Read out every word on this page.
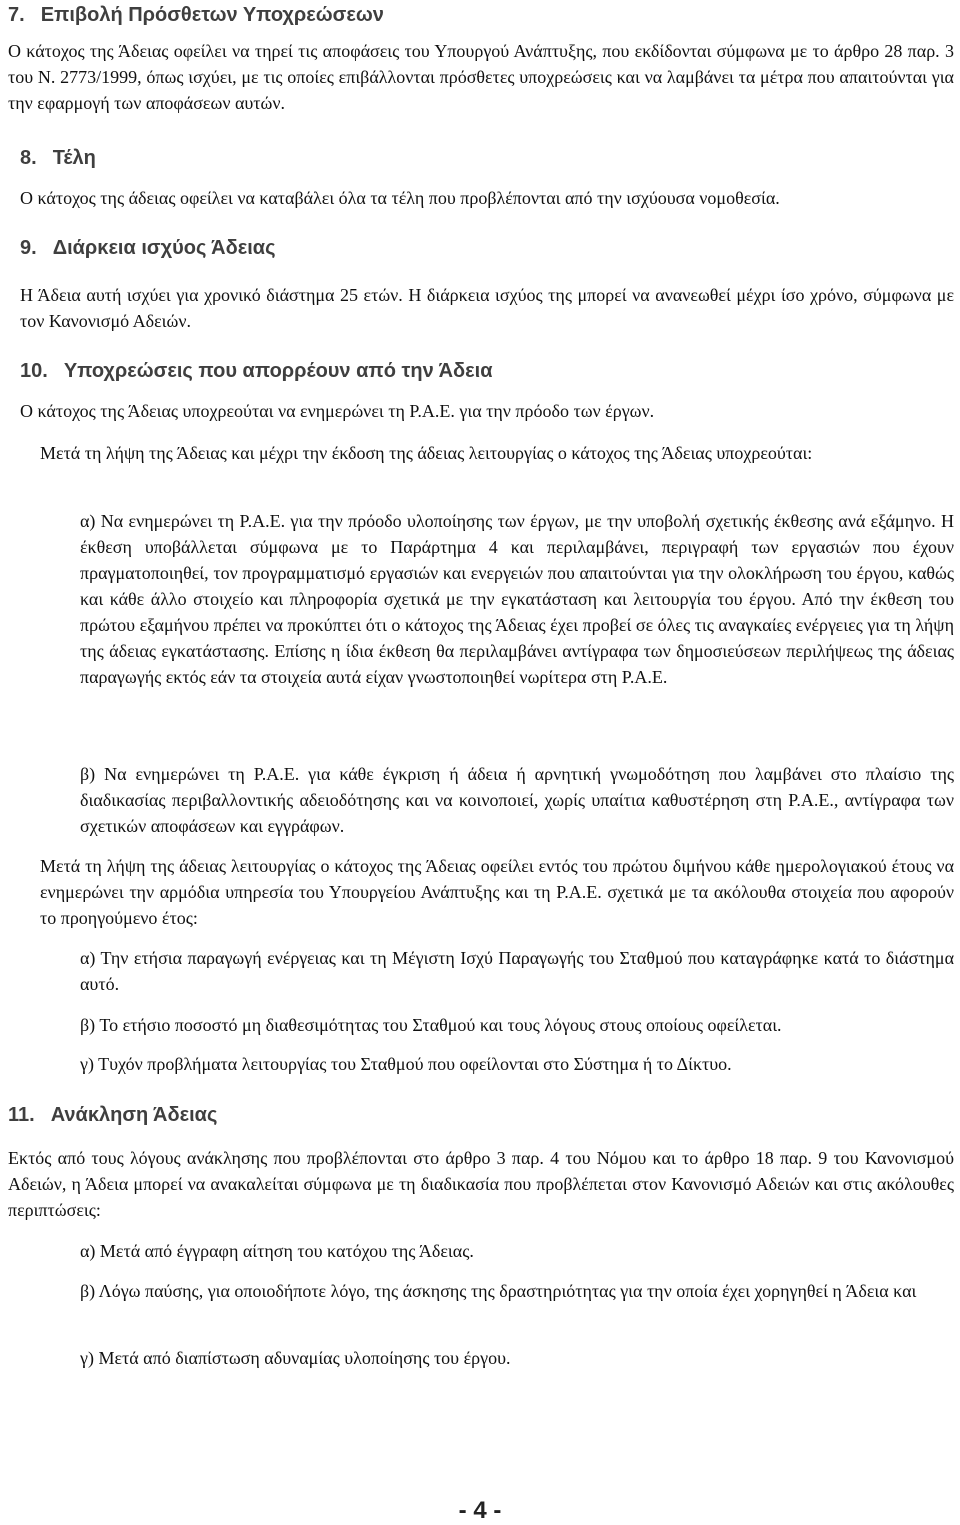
7. Επιβολή Πρόσθετων Υποχρεώσεων

Ο κάτοχος της Άδειας οφείλει να τηρεί τις αποφάσεις του Υπουργού Ανάπτυξης, που εκδίδονται σύμφωνα με το άρθρο 28 παρ. 3 του Ν. 2773/1999, όπως ισχύει, με τις οποίες επιβάλλονται πρόσθετες υποχρεώσεις και να λαμβάνει τα μέτρα που απαιτούνται για την εφαρμογή των αποφάσεων αυτών.

8. Τέλη

Ο κάτοχος της άδειας οφείλει να καταβάλει όλα τα τέλη που προβλέπονται από την ισχύουσα νομοθεσία.

9. Διάρκεια ισχύος Άδειας

Η Άδεια αυτή ισχύει για χρονικό διάστημα 25 ετών. Η διάρκεια ισχύος της μπορεί να ανανεωθεί μέχρι ίσο χρόνο, σύμφωνα με τον Κανονισμό Αδειών.

10. Υποχρεώσεις που απορρέουν από την Άδεια

Ο κάτοχος της Άδειας υποχρεούται να ενημερώνει τη Ρ.Α.Ε. για την πρόοδο των έργων.

Μετά τη λήψη της Άδειας και μέχρι την έκδοση της άδειας λειτουργίας ο κάτοχος της Άδειας υποχρεούται:

α) Να ενημερώνει τη Ρ.Α.Ε. για την πρόοδο υλοποίησης των έργων, με την υποβολή σχετικής έκθεσης ανά εξάμηνο. Η έκθεση υποβάλλεται σύμφωνα με το Παράρτημα 4 και περιλαμβάνει, περιγραφή των εργασιών που έχουν πραγματοποιηθεί, τον προγραμματισμό εργασιών και ενεργειών που απαιτούνται για την ολοκλήρωση του έργου, καθώς και κάθε άλλο στοιχείο και πληροφορία σχετικά με την εγκατάσταση και λειτουργία του έργου. Από την έκθεση του πρώτου εξαμήνου πρέπει να προκύπτει ότι ο κάτοχος της Άδειας έχει προβεί σε όλες τις αναγκαίες ενέργειες για τη λήψη της άδειας εγκατάστασης. Επίσης η ίδια έκθεση θα περιλαμβάνει αντίγραφα των δημοσιεύσεων περιλήψεως της άδειας παραγωγής εκτός εάν τα στοιχεία αυτά είχαν γνωστοποιηθεί νωρίτερα στη Ρ.Α.Ε.

β) Να ενημερώνει τη Ρ.Α.Ε. για κάθε έγκριση ή άδεια ή αρνητική γνωμοδότηση που λαμβάνει στο πλαίσιο της διαδικασίας περιβαλλοντικής αδειοδότησης και να κοινοποιεί, χωρίς υπαίτια καθυστέρηση στη Ρ.Α.Ε., αντίγραφα των σχετικών αποφάσεων και εγγράφων.

Μετά τη λήψη της άδειας λειτουργίας ο κάτοχος της Άδειας οφείλει εντός του πρώτου διμήνου κάθε ημερολογιακού έτους να ενημερώνει την αρμόδια υπηρεσία του Υπουργείου Ανάπτυξης και τη Ρ.Α.Ε. σχετικά με τα ακόλουθα στοιχεία που αφορούν το προηγούμενο έτος:

α) Την ετήσια παραγωγή ενέργειας και τη Μέγιστη Ισχύ Παραγωγής του Σταθμού που καταγράφηκε κατά το διάστημα αυτό.

β) Το ετήσιο ποσοστό μη διαθεσιμότητας του Σταθμού και τους λόγους στους οποίους οφείλεται.

γ) Τυχόν προβλήματα λειτουργίας του Σταθμού που οφείλονται στο Σύστημα ή το Δίκτυο.

11. Ανάκληση Άδειας

Εκτός από τους λόγους ανάκλησης που προβλέπονται στο άρθρο 3 παρ. 4 του Νόμου και το άρθρο 18 παρ. 9 του Κανονισμού Αδειών, η Άδεια μπορεί να ανακαλείται σύμφωνα με τη διαδικασία που προβλέπεται στον Κανονισμό Αδειών και στις ακόλουθες περιπτώσεις:

α) Μετά από έγγραφη αίτηση του κατόχου της Άδειας.

β) Λόγω παύσης, για οποιοδήποτε λόγο, της άσκησης της δραστηριότητας για την οποία έχει χορηγηθεί η Άδεια και

γ) Μετά από διαπίστωση αδυναμίας υλοποίησης του έργου.

- 4 -
